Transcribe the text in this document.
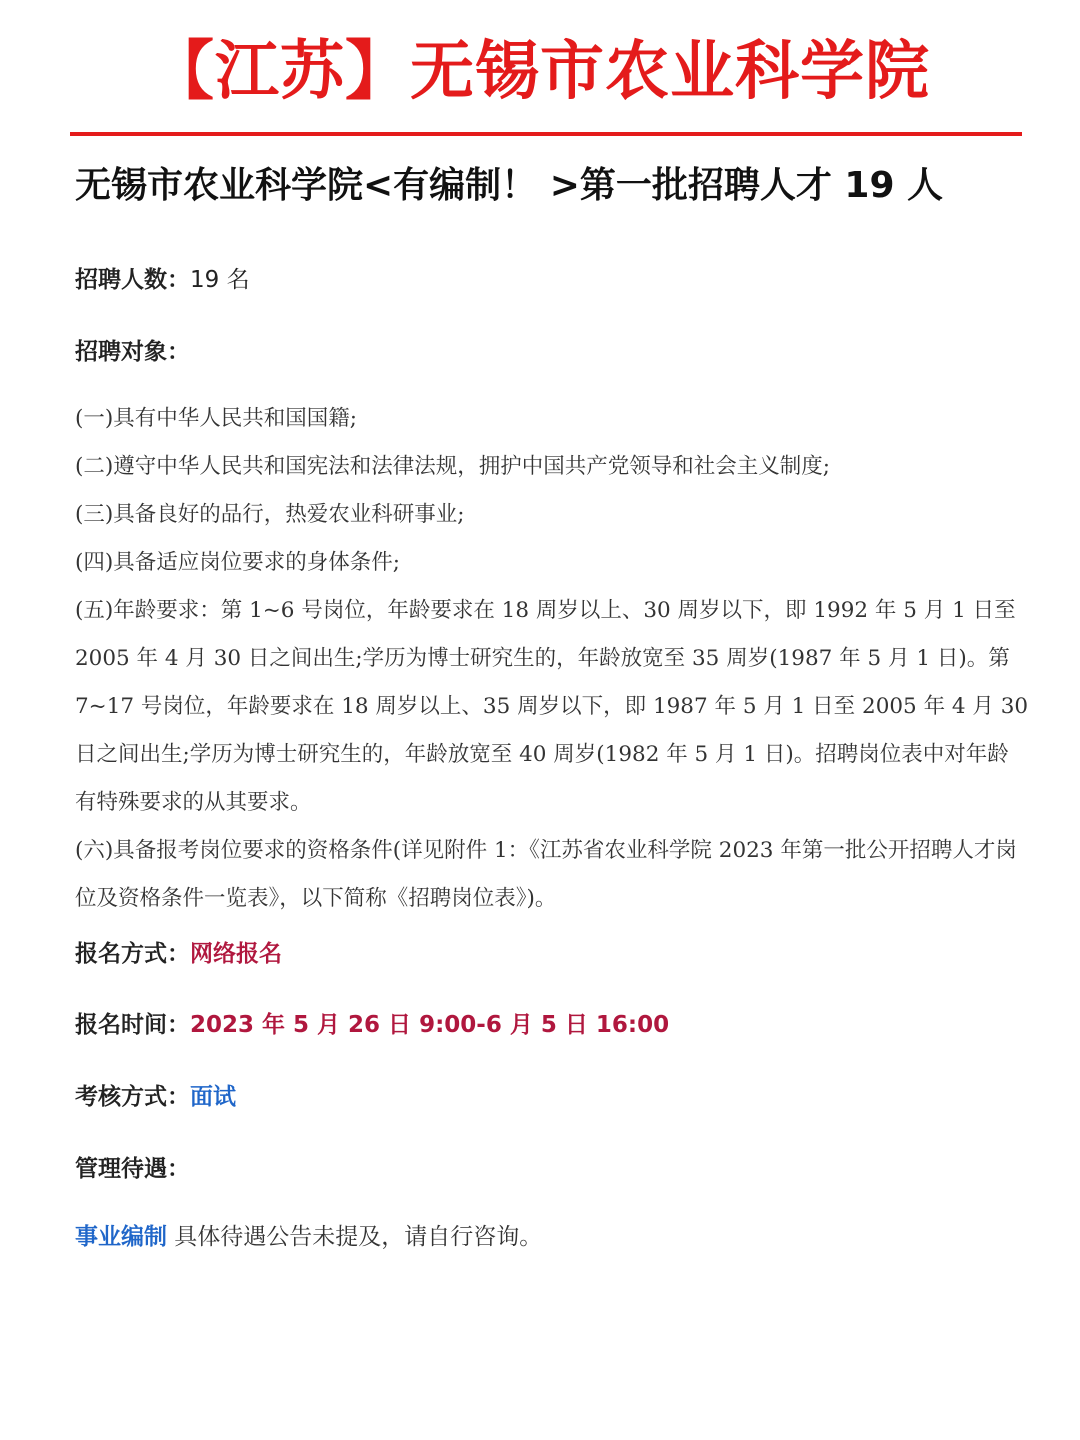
【江苏】无锡市农业科学院
无锡市农业科学院<有编制！ >第一批招聘人才 19 人
招聘人数：19 名
招聘对象：

(一)具有中华人民共和国国籍;

(二)遵守中华人民共和国宪法和法律法规，拥护中国共产党领导和社会主义制度;

(三)具备良好的品行，热爱农业科研事业;

(四)具备适应岗位要求的身体条件;

(五)年龄要求：第 1~6 号岗位，年龄要求在 18 周岁以上、30 周岁以下，即 1992 年 5 月 1 日至 2005 年 4 月 30 日之间出生;学历为博士研究生的，年龄放宽至 35 周岁(1987 年 5 月 1 日)。第 7~17 号岗位，年龄要求在 18 周岁以上、35 周岁以下，即 1987 年 5 月 1 日至 2005 年 4 月 30 日之间出生;学历为博士研究生的，年龄放宽至 40 周岁(1982 年 5 月 1 日)。招聘岗位表中对年龄有特殊要求的从其要求。

(六)具备报考岗位要求的资格条件(详见附件 1：《江苏省农业科学院 2023 年第一批公开招聘人才岗位及资格条件一览表》，以下简称《招聘岗位表》)。

报名方式：网络报名
报名时间：2023 年 5 月 26 日 9:00-6 月 5 日 16:00
考核方式：面试
管理待遇：
事业编制 具体待遇公告未提及，请自行咨询。
